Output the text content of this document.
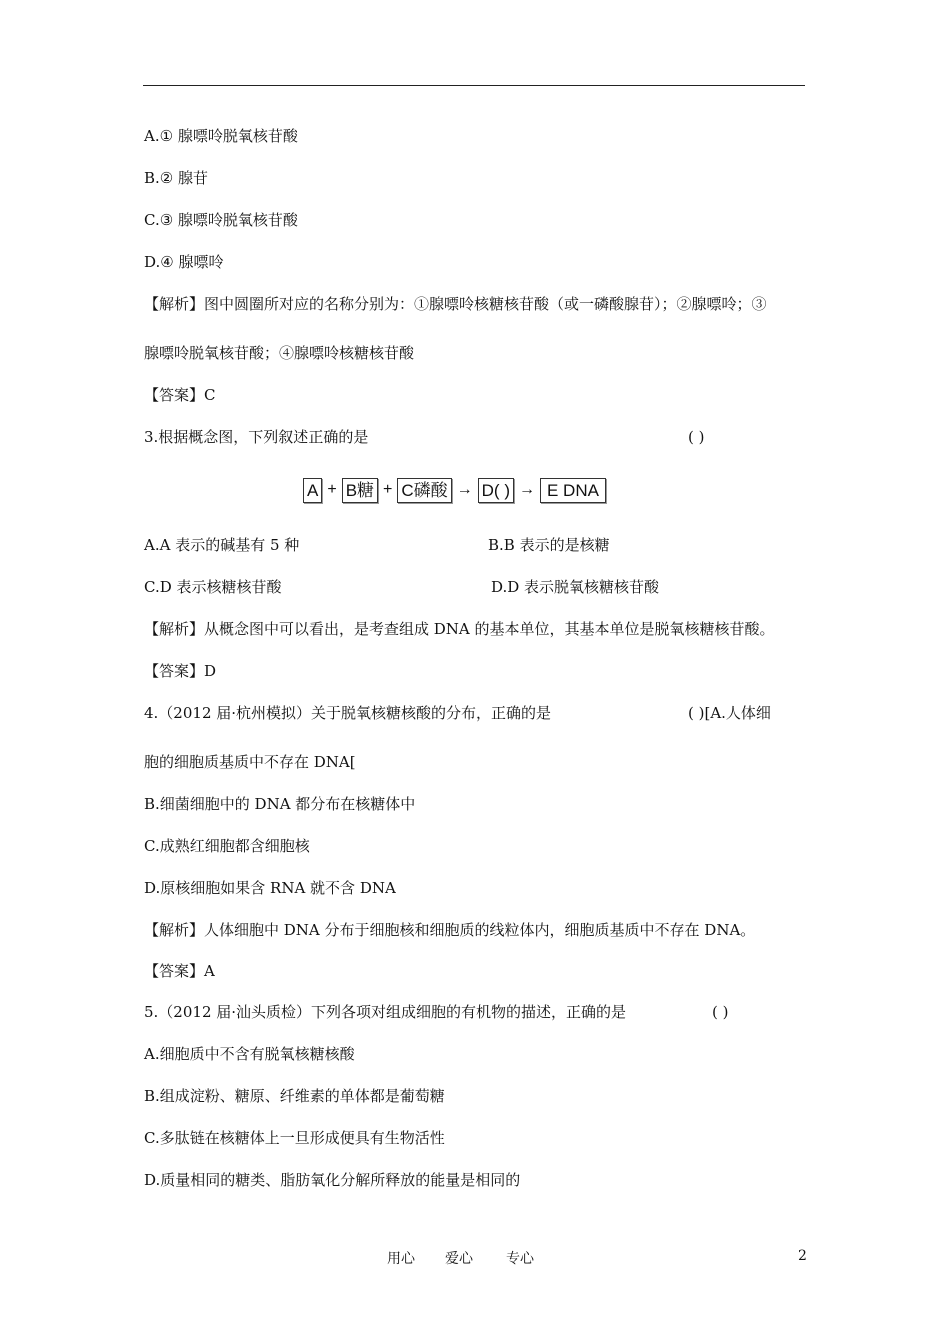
A.① 腺嘌呤脱氧核苷酸
B.② 腺苷
C.③ 腺嘌呤脱氧核苷酸
D.④ 腺嘌呤
【解析】图中圆圈所对应的名称分别为：①腺嘌呤核糖核苷酸（或一磷酸腺苷）；②腺嘌呤；③
腺嘌呤脱氧核苷酸；④腺嘌呤核糖核苷酸
【答案】C
3.根据概念图，下列叙述正确的是	( )
A + B糖 + C磷酸 → D( ) → E DNA
A.A 表示的碱基有 5 种	B.B 表示的是核糖
C.D 表示核糖核苷酸	D.D 表示脱氧核糖核苷酸
【解析】从概念图中可以看出，是考查组成 DNA 的基本单位，其基本单位是脱氧核糖核苷酸。
【答案】D
4.（2012 届·杭州模拟）关于脱氧核糖核酸的分布，正确的是	( )[A.人体细
胞的细胞质基质中不存在 DNA[
B.细菌细胞中的 DNA 都分布在核糖体中
C.成熟红细胞都含细胞核
D.原核细胞如果含 RNA 就不含 DNA
【解析】人体细胞中 DNA 分布于细胞核和细胞质的线粒体内，细胞质基质中不存在 DNA。
【答案】A
5.（2012 届·汕头质检）下列各项对组成细胞的有机物的描述，正确的是	( )
A.细胞质中不含有脱氧核糖核酸
B.组成淀粉、糖原、纤维素的单体都是葡萄糖
C.多肽链在核糖体上一旦形成便具有生物活性
D.质量相同的糖类、脂肪氧化分解所释放的能量是相同的
用心 爱心 专心	2
